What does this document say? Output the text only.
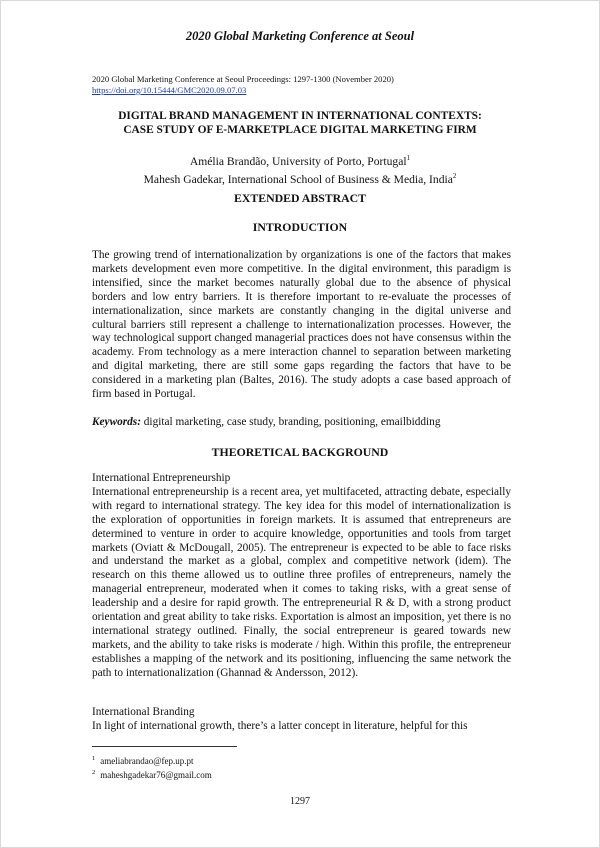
2020 Global Marketing Conference at Seoul
2020 Global Marketing Conference at Seoul Proceedings: 1297-1300 (November 2020)
https://doi.org/10.15444/GMC2020.09.07.03
DIGITAL BRAND MANAGEMENT IN INTERNATIONAL CONTEXTS:
CASE STUDY OF E-MARKETPLACE DIGITAL MARKETING FIRM
Amélia Brandão, University of Porto, Portugal$^1$
Mahesh Gadekar, International School of Business & Media, India$^2$
EXTENDED ABSTRACT
INTRODUCTION

The growing trend of internationalization by organizations is one of the factors that makes markets development even more competitive. In the digital environment, this paradigm is intensified, since the market becomes naturally global due to the absence of physical borders and low entry barriers. It is therefore important to re-evaluate the processes of internationalization, since markets are constantly changing in the digital universe and cultural barriers still represent a challenge to internationalization processes. However, the way technological support changed managerial practices does not have consensus within the academy. From technology as a mere interaction channel to separation between marketing and digital marketing, there are still some gaps regarding the factors that have to be considered in a marketing plan (Baltes, 2016). The study adopts a case based approach of firm based in Portugal.

Keywords: digital marketing, case study, branding, positioning, emailbidding

THEORETICAL BACKGROUND

International Entrepreneurship
International entrepreneurship is a recent area, yet multifaceted, attracting debate, especially with regard to international strategy. The key idea for this model of internationalization is the exploration of opportunities in foreign markets. It is assumed that entrepreneurs are determined to venture in order to acquire knowledge, opportunities and tools from target markets (Oviatt & McDougall, 2005). The entrepreneur is expected to be able to face risks and understand the market as a global, complex and competitive network (idem). The research on this theme allowed us to outline three profiles of entrepreneurs, namely the managerial entrepreneur, moderated when it comes to taking risks, with a great sense of leadership and a desire for rapid growth. The entrepreneurial R & D, with a strong product orientation and great ability to take risks. Exportation is almost an imposition, yet there is no international strategy outlined. Finally, the social entrepreneur is geared towards new markets, and the ability to take risks is moderate / high. Within this profile, the entrepreneur establishes a mapping of the network and its positioning, influencing the same network the path to internationalization (Ghannad & Andersson, 2012).

International Branding
In light of international growth, there’s a latter concept in literature, helpful for this

$^1$ ameliabrandao@fep.up.pt
$^2$ maheshgadekar76@gmail.com
1297
